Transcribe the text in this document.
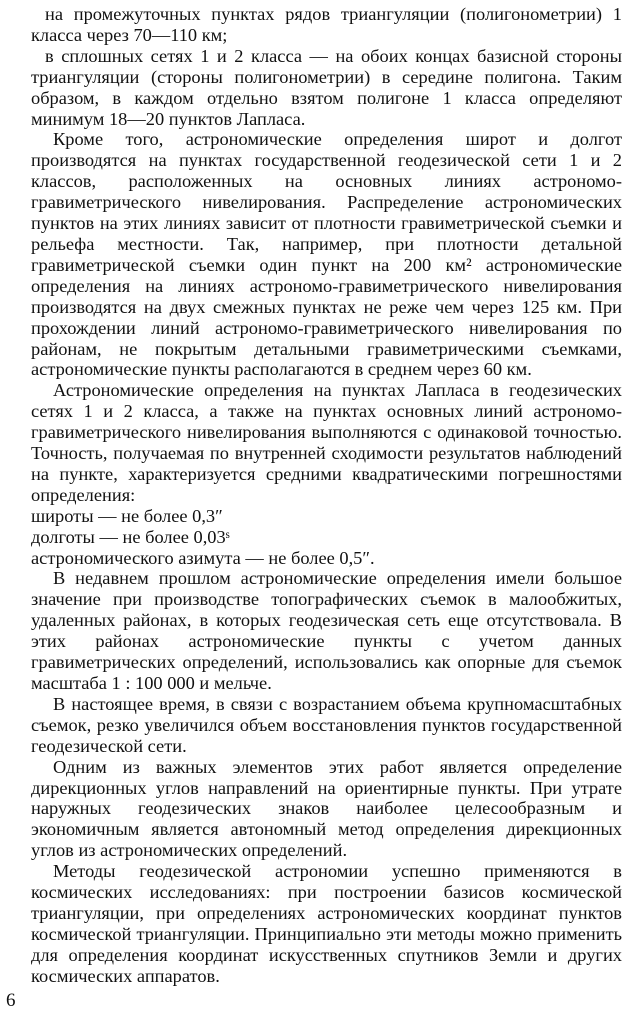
на промежуточных пунктах рядов триангуляции (полигонометрии) 1 класса через 70—110 км;

в сплошных сетях 1 и 2 класса — на обоих концах базисной стороны триангуляции (стороны полигонометрии) в середине полигона. Таким образом, в каждом отдельно взятом полигоне 1 класса определяют минимум 18—20 пунктов Лапласа.

Кроме того, астрономические определения широт и долгот производятся на пунктах государственной геодезической сети 1 и 2 классов, расположенных на основных линиях астрономо-гравиметрического нивелирования. Распределение астрономических пунктов на этих линиях зависит от плотности гравиметрической съемки и рельефа местности. Так, например, при плотности детальной гравиметрической съемки один пункт на 200 км² астрономические определения на линиях астрономо-гравиметрического нивелирования производятся на двух смежных пунктах не реже чем через 125 км. При прохождении линий астрономо-гравиметрического нивелирования по районам, не покрытым детальными гравиметрическими съемками, астрономические пункты располагаются в среднем через 60 км.

Астрономические определения на пунктах Лапласа в геодезических сетях 1 и 2 класса, а также на пунктах основных линий астрономо-гравиметрического нивелирования выполняются с одинаковой точностью. Точность, получаемая по внутренней сходимости результатов наблюдений на пункте, характеризуется средними квадратическими погрешностями определения:

широты — не более 0,3″

долготы — не более 0,03ˢ

астрономического азимута — не более 0,5″.

В недавнем прошлом астрономические определения имели большое значение при производстве топографических съемок в малообжитых, удаленных районах, в которых геодезическая сеть еще отсутствовала. В этих районах астрономические пункты с учетом данных гравиметрических определений, использовались как опорные для съемок масштаба 1 : 100 000 и мельче.

В настоящее время, в связи с возрастанием объема крупномасштабных съемок, резко увеличился объем восстановления пунктов государственной геодезической сети.

Одним из важных элементов этих работ является определение дирекционных углов направлений на ориентирные пункты. При утрате наружных геодезических знаков наиболее целесообразным и экономичным является автономный метод определения дирекционных углов из астрономических определений.

Методы геодезической астрономии успешно применяются в космических исследованиях: при построении базисов космической триангуляции, при определениях астрономических координат пунктов космической триангуляции. Принципиально эти методы можно применить для определения координат искусственных спутников Земли и других космических аппаратов.

6
